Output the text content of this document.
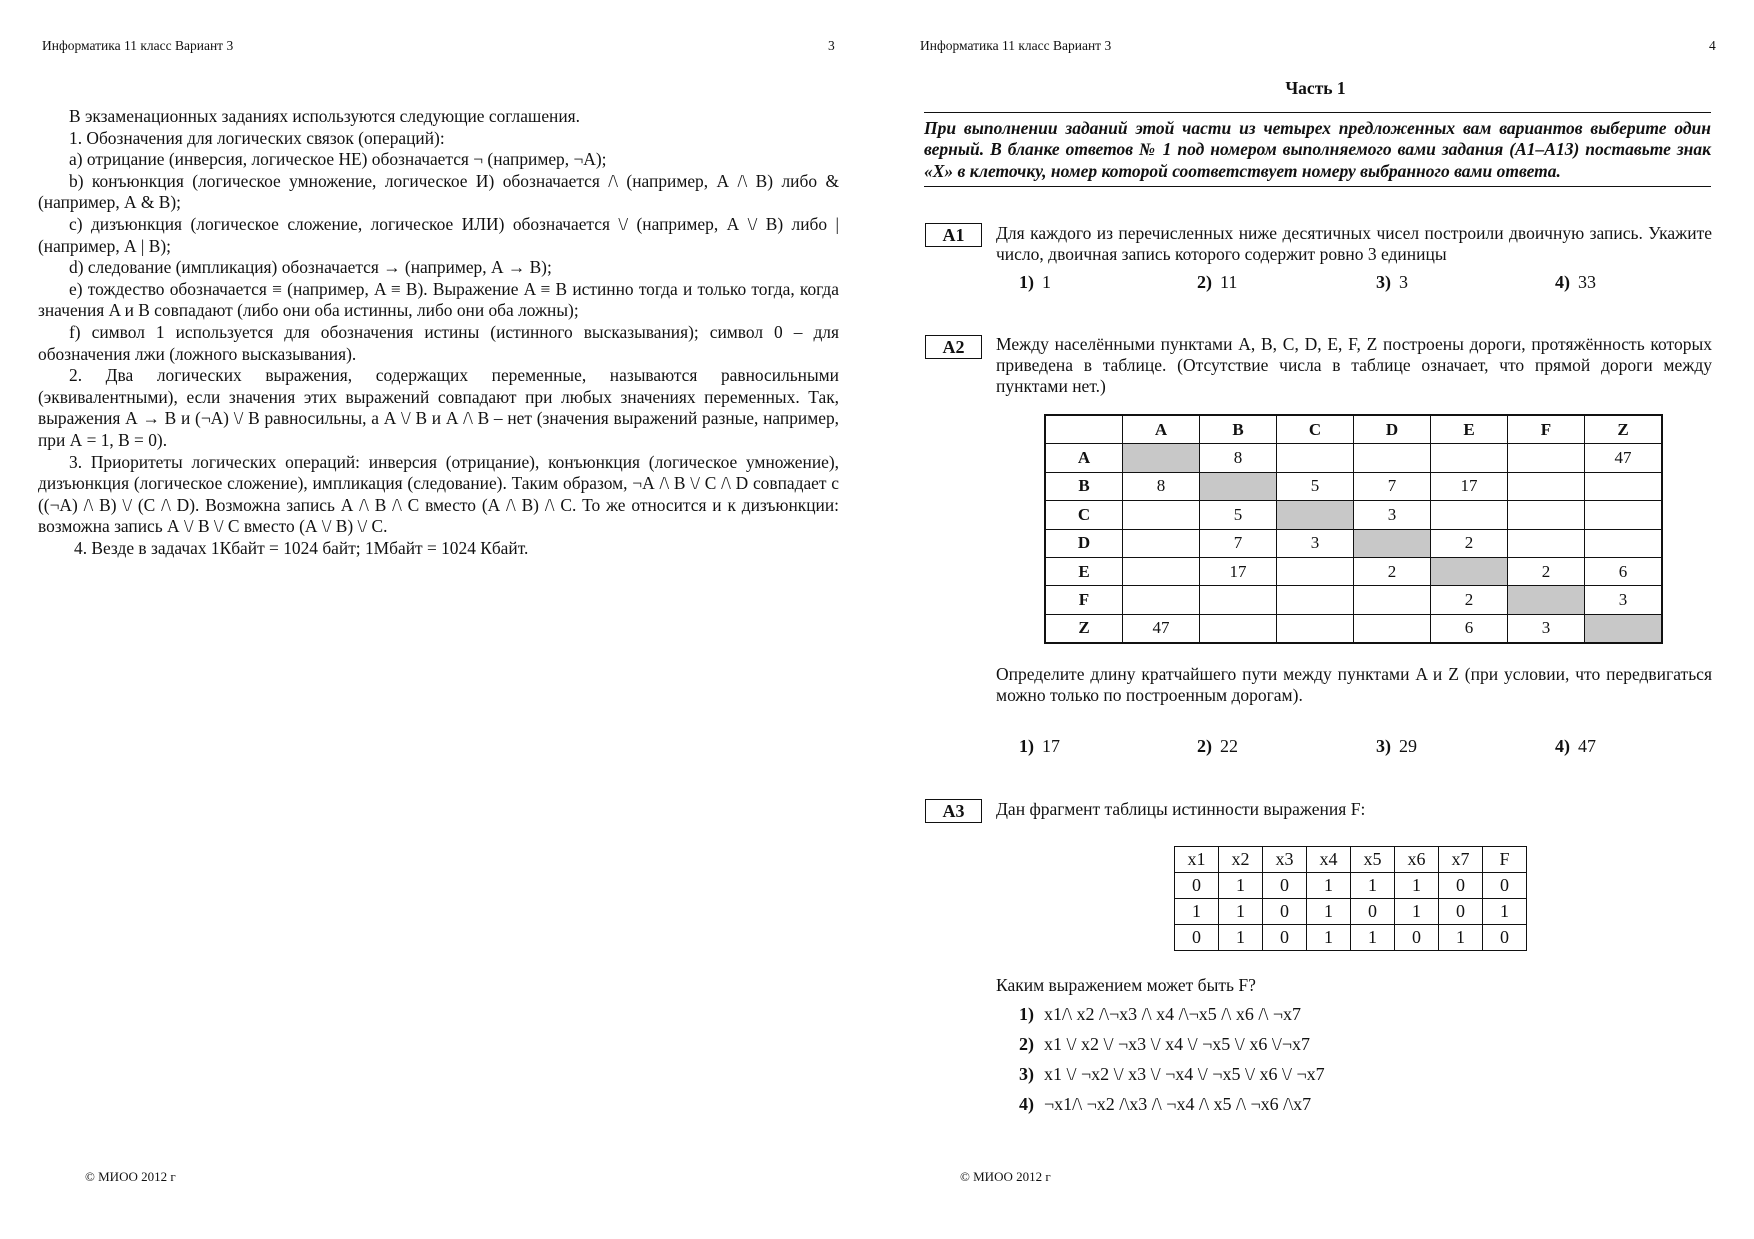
Информатика 11 класс Вариант 3	3

В экзаменационных заданиях используются следующие соглашения.

1. Обозначения для логических связок (операций):

a) отрицание (инверсия, логическое НЕ) обозначается ¬ (например, ¬А);

b) конъюнкция (логическое умножение, логическое И) обозначается /\ (например, А /\ В) либо & (например, А & В);

c) дизъюнкция (логическое сложение, логическое ИЛИ) обозначается \/ (например, А \/ В) либо | (например, А | В);

d) следование (импликация) обозначается → (например, А → В);

e) тождество обозначается ≡ (например, A ≡ B). Выражение A ≡ B истинно тогда и только тогда, когда значения A и B совпадают (либо они оба истинны, либо они оба ложны);

f) символ 1 используется для обозначения истины (истинного высказывания); символ 0 – для обозначения лжи (ложного высказывания).

2. Два логических выражения, содержащих переменные, называются равносильными (эквивалентными), если значения этих выражений совпадают при любых значениях переменных. Так, выражения А → В и (¬А) \/ В равносильны, а А \/ В и А /\ В – нет (значения выражений разные, например, при А = 1, В = 0).

3. Приоритеты логических операций: инверсия (отрицание), конъюнкция (логическое умножение), дизъюнкция (логическое сложение), импликация (следование). Таким образом, ¬А /\ В \/ С /\ D совпадает с ((¬А) /\ В) \/ (С /\ D). Возможна запись А /\ В /\ С вместо (А /\ В) /\ С. То же относится и к дизъюнкции: возможна запись А \/ В \/ С вместо (А \/ В) \/ С.

4. Везде в задачах 1Кбайт = 1024 байт; 1Мбайт = 1024 Кбайт.

© МИОО 2012 г
Информатика 11 класс Вариант 3	4
Часть 1
При выполнении заданий этой части из четырех предложенных вам вариантов выберите один верный. В бланке ответов № 1 под номером выполняемого вами задания (А1–А13) поставьте знак «Х» в клеточку, номер которой соответствует номеру выбранного вами ответа.
А1	Для каждого из перечисленных ниже десятичных чисел построили двоичную запись. Укажите число, двоичная запись которого содержит ровно 3 единицы
1) 1	2) 11	3) 3	4) 33
А2	Между населёнными пунктами A, B, C, D, E, F, Z построены дороги, протяжённость которых приведена в таблице. (Отсутствие числа в таблице означает, что прямой дороги между пунктами нет.)
	A	B	C	D	E	F	Z
A		8					47
B	8		5	7	17		
C		5		3			
D		7	3		2		
E		17		2		2	6
F					2		3
Z	47				6	3	
Определите длину кратчайшего пути между пунктами A и Z (при условии, что передвигаться можно только по построенным дорогам).
1) 17	2) 22	3) 29	4) 47
А3	Дан фрагмент таблицы истинности выражения F:
x1	x2	x3	x4	x5	x6	x7	F
0	1	0	1	1	1	0	0
1	1	0	1	0	1	0	1
0	1	0	1	1	0	1	0
Каким выражением может быть F?
1) x1/\ x2 /\¬x3 /\ x4 /\¬x5 /\ x6 /\ ¬x7
2) x1 \/ x2 \/ ¬x3 \/ x4 \/ ¬x5 \/ x6 \/¬x7
3) x1 \/ ¬x2 \/ x3 \/ ¬x4 \/ ¬x5 \/ x6 \/ ¬x7
4) ¬x1/\ ¬x2 /\x3 /\ ¬x4 /\ x5 /\ ¬x6 /\x7
© МИОО 2012 г
